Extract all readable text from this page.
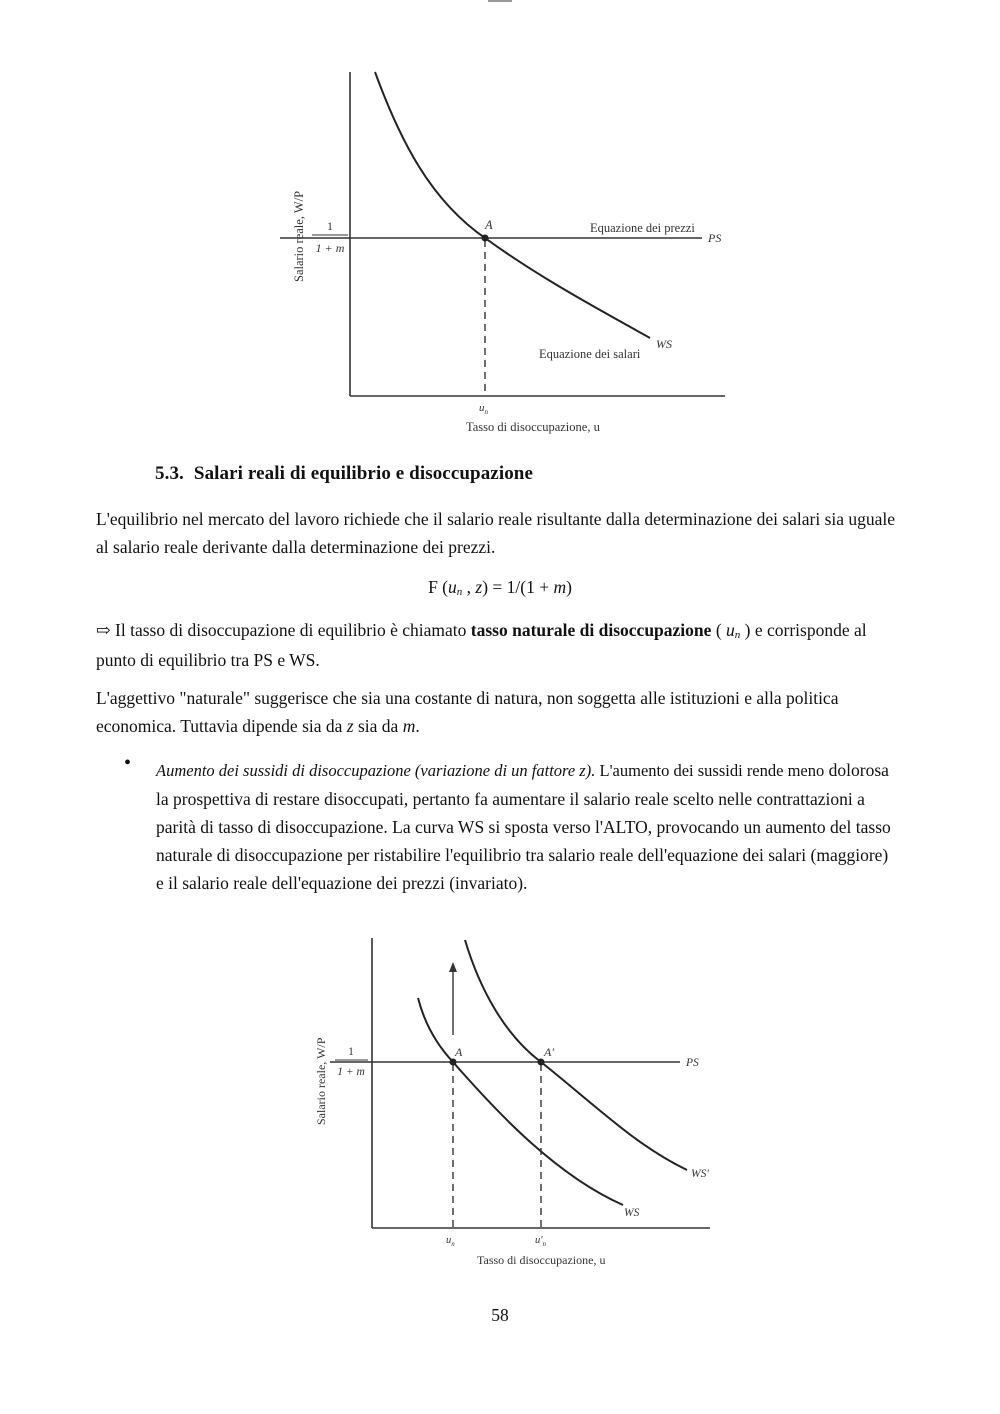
Salario reale, W/P 1
1 + m
A	Equazione dei prezzi
PS
Equazione dei salari
WS
$u_n$
Tasso di disoccupazione, u
5.3. Salari reali di equilibrio e disoccupazione

L'equilibrio nel mercato del lavoro richiede che il salario reale risultante dalla determinazione dei salari sia uguale al salario reale derivante dalla determinazione dei prezzi.

F (un , z) = 1/(1 + m)

⇨ Il tasso di disoccupazione di equilibrio è chiamato tasso naturale di disoccupazione ( un ) e corrisponde al punto di equilibrio tra PS e WS.

L'aggettivo "naturale" suggerisce che sia una costante di natura, non soggetta alle istituzioni e alla politica economica. Tuttavia dipende sia da z sia da m.

• Aumento dei sussidi di disoccupazione (variazione di un fattore z). L'aumento dei sussidi rende meno dolorosa la prospettiva di restare disoccupati, pertanto fa aumentare il salario reale scelto nelle contrattazioni a parità di tasso di disoccupazione. La curva WS si sposta verso l'ALTO, provocando un aumento del tasso naturale di disoccupazione per ristabilire l'equilibrio tra salario reale dell'equazione dei salari (maggiore) e il salario reale dell'equazione dei prezzi (invariato).

Salario reale, W/P 1
1 + m
A	A'
PS
WS'
WS
$u_n$	$u'_n$
Tasso di disoccupazione, u
58
